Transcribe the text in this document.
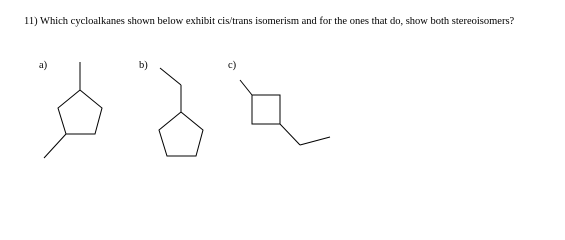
11) Which cycloalkanes shown below exhibit cis/trans isomerism and for the ones that do, show both stereoisomers?

a)	b)	c)
